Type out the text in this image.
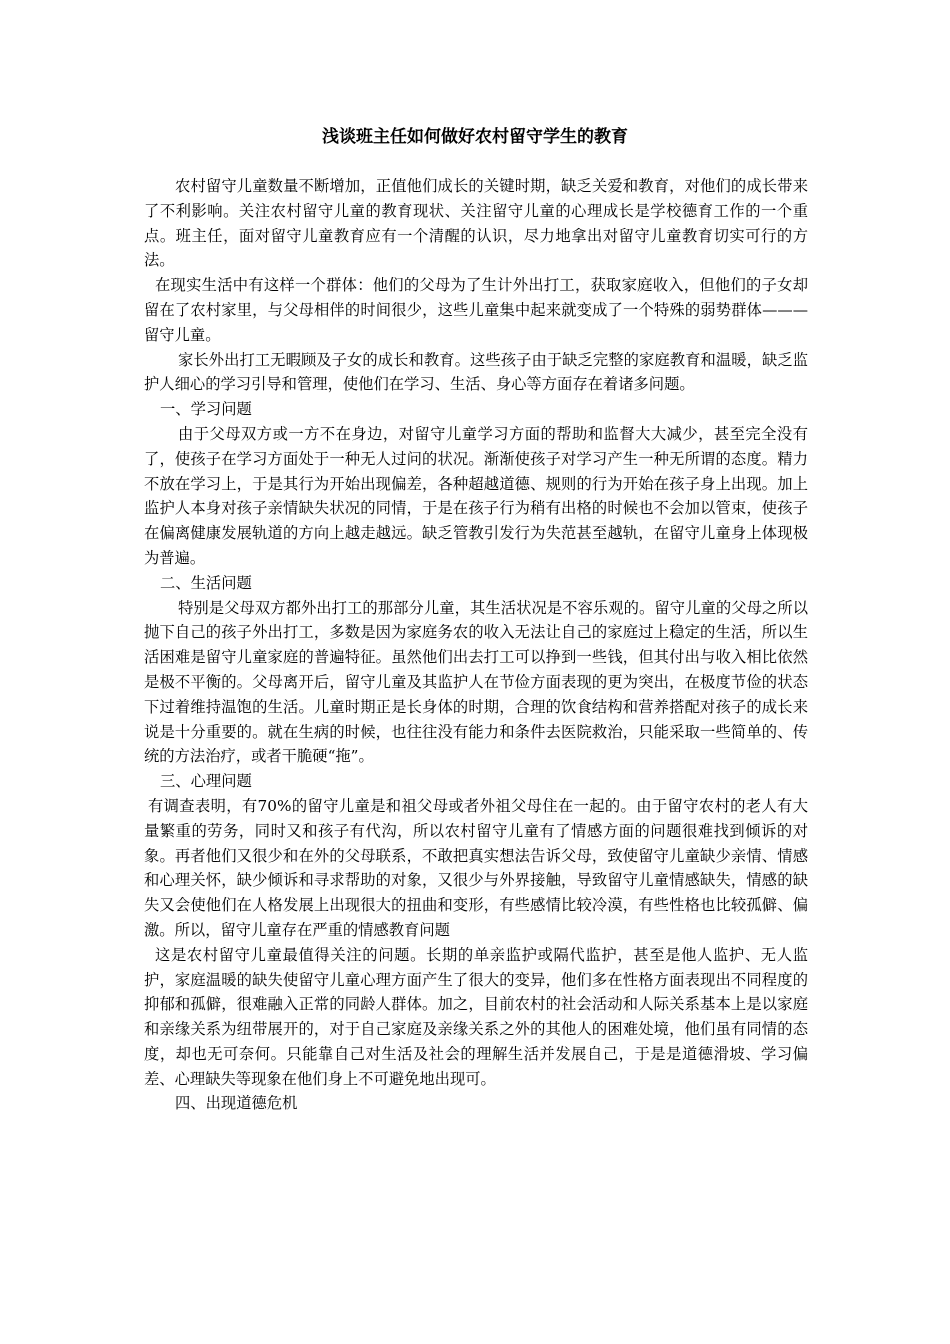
浅谈班主任如何做好农村留守学生的教育

农村留守儿童数量不断增加，正值他们成长的关键时期，缺乏关爱和教育，对他们的成长带来了不利影响。关注农村留守儿童的教育现状、关注留守儿童的心理成长是学校德育工作的一个重点。班主任，面对留守儿童教育应有一个清醒的认识，尽力地拿出对留守儿童教育切实可行的方法。

在现实生活中有这样一个群体：他们的父母为了生计外出打工，获取家庭收入，但他们的子女却留在了农村家里，与父母相伴的时间很少，这些儿童集中起来就变成了一个特殊的弱势群体———留守儿童。

家长外出打工无暇顾及子女的成长和教育。这些孩子由于缺乏完整的家庭教育和温暖，缺乏监护人细心的学习引导和管理，使他们在学习、生活、身心等方面存在着诸多问题。

一、学习问题

由于父母双方或一方不在身边，对留守儿童学习方面的帮助和监督大大减少，甚至完全没有了，使孩子在学习方面处于一种无人过问的状况。渐渐使孩子对学习产生一种无所谓的态度。精力不放在学习上，于是其行为开始出现偏差，各种超越道德、规则的行为开始在孩子身上出现。加上监护人本身对孩子亲情缺失状况的同情，于是在孩子行为稍有出格的时候也不会加以管束，使孩子在偏离健康发展轨道的方向上越走越远。缺乏管教引发行为失范甚至越轨，在留守儿童身上体现极为普遍。

二、生活问题

特别是父母双方都外出打工的那部分儿童，其生活状况是不容乐观的。留守儿童的父母之所以抛下自己的孩子外出打工，多数是因为家庭务农的收入无法让自己的家庭过上稳定的生活，所以生活困难是留守儿童家庭的普遍特征。虽然他们出去打工可以挣到一些钱，但其付出与收入相比依然是极不平衡的。父母离开后，留守儿童及其监护人在节俭方面表现的更为突出，在极度节俭的状态下过着维持温饱的生活。儿童时期正是长身体的时期，合理的饮食结构和营养搭配对孩子的成长来说是十分重要的。就在生病的时候，也往往没有能力和条件去医院救治，只能采取一些简单的、传统的方法治疗，或者干脆硬“拖”。

三、心理问题

有调查表明，有70%的留守儿童是和祖父母或者外祖父母住在一起的。由于留守农村的老人有大量繁重的劳务，同时又和孩子有代沟，所以农村留守儿童有了情感方面的问题很难找到倾诉的对象。再者他们又很少和在外的父母联系，不敢把真实想法告诉父母，致使留守儿童缺少亲情、情感和心理关怀，缺少倾诉和寻求帮助的对象，又很少与外界接触，导致留守儿童情感缺失，情感的缺失又会使他们在人格发展上出现很大的扭曲和变形，有些感情比较冷漠，有些性格也比较孤僻、偏激。所以，留守儿童存在严重的情感教育问题

这是农村留守儿童最值得关注的问题。长期的单亲监护或隔代监护，甚至是他人监护、无人监护，家庭温暖的缺失使留守儿童心理方面产生了很大的变异，他们多在性格方面表现出不同程度的抑郁和孤僻，很难融入正常的同龄人群体。加之，目前农村的社会活动和人际关系基本上是以家庭和亲缘关系为纽带展开的，对于自己家庭及亲缘关系之外的其他人的困难处境，他们虽有同情的态度，却也无可奈何。只能靠自己对生活及社会的理解生活并发展自己，于是是道德滑坡、学习偏差、心理缺失等现象在他们身上不可避免地出现可。

四、出现道德危机
